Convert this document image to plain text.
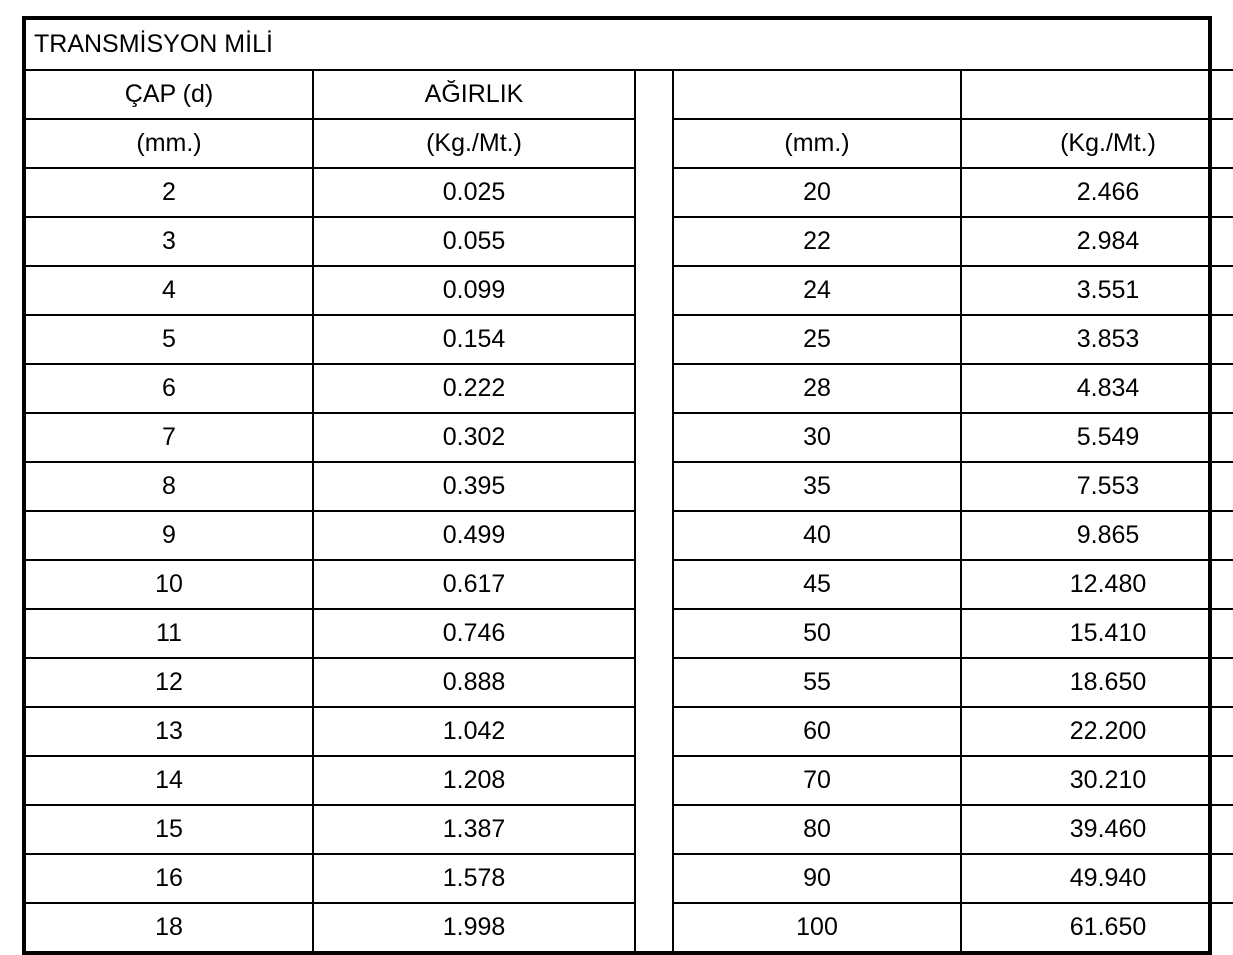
TRANSMİSYON MİLİ				
ÇAP (d)	AĞIRLIK			
(mm.)	(Kg./Mt.)		(mm.)	(Kg./Mt.)
2	0.025		20	2.466
3	0.055		22	2.984
4	0.099		24	3.551
5	0.154		25	3.853
6	0.222		28	4.834
7	0.302		30	5.549
8	0.395		35	7.553
9	0.499		40	9.865
10	0.617		45	12.480
11	0.746		50	15.410
12	0.888		55	18.650
13	1.042		60	22.200
14	1.208		70	30.210
15	1.387		80	39.460
16	1.578		90	49.940
18	1.998		100	61.650
